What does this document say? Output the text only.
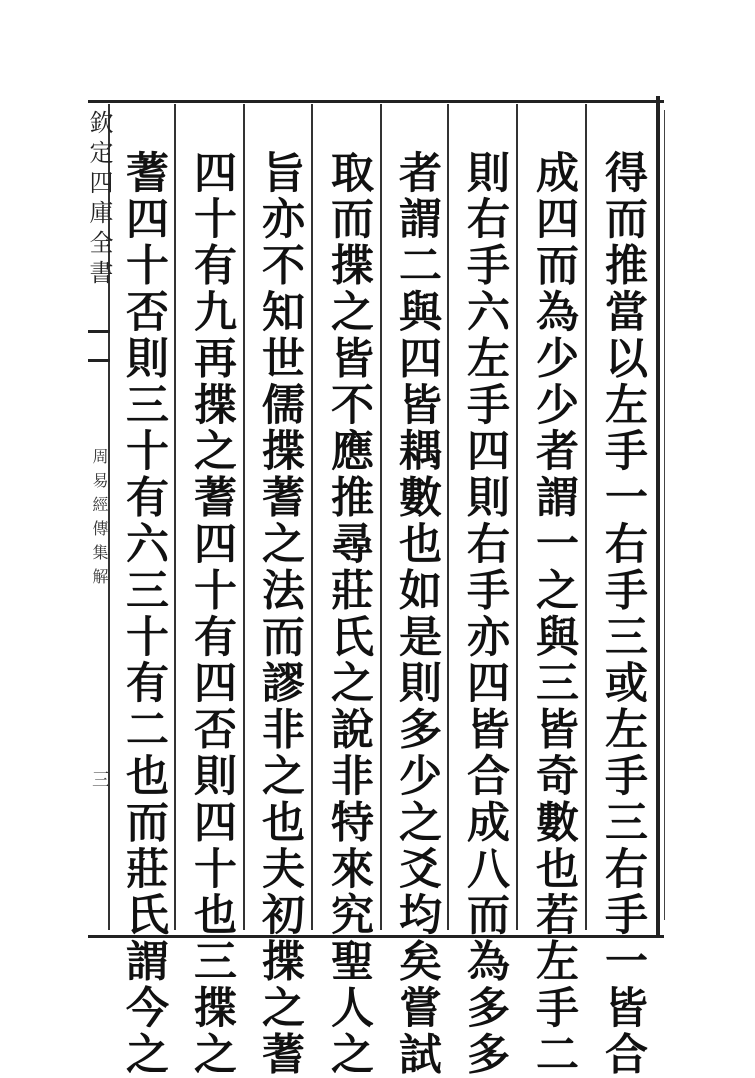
欽定四庫全書
周易經傳集解
三	得而推當以左手一右手三或左手三右手一皆合
成四而為少少者謂一之與三皆奇數也若左手二
則右手六左手四則右手亦四皆合成八而為多多
者謂二與四皆耦數也如是則多少之爻均矣嘗試
取而揲之皆不應推尋莊氏之說非特來究聖人之
旨亦不知世儒揲蓍之法而謬非之也夫初揲之蓍
四十有九再揲之蓍四十有四否則四十也三揲之
蓍四十否則三十有六三十有二也而莊氏謂今之
